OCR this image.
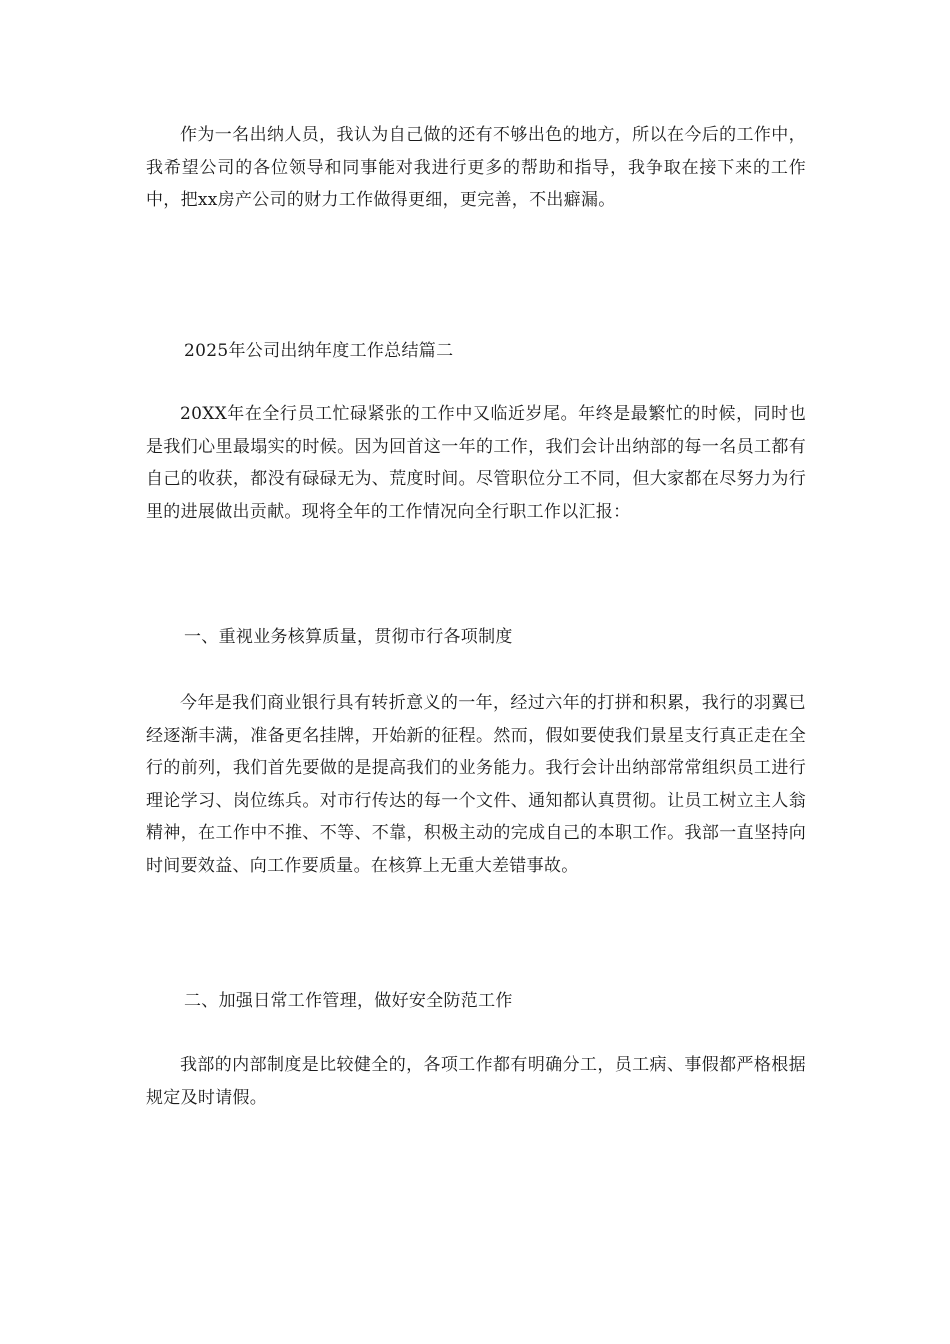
作为一名出纳人员，我认为自己做的还有不够出色的地方，所以在今后的工作中，我希望公司的各位领导和同事能对我进行更多的帮助和指导，我争取在接下来的工作中，把xx房产公司的财力工作做得更细，更完善，不出癖漏。

2025年公司出纳年度工作总结篇二

20XX年在全行员工忙碌紧张的工作中又临近岁尾。年终是最繁忙的时候，同时也是我们心里最塌实的时候。因为回首这一年的工作，我们会计出纳部的每一名员工都有自己的收获，都没有碌碌无为、荒度时间。尽管职位分工不同，但大家都在尽努力为行里的进展做出贡献。现将全年的工作情况向全行职工作以汇报：

一、重视业务核算质量，贯彻市行各项制度

今年是我们商业银行具有转折意义的一年，经过六年的打拼和积累，我行的羽翼已经逐渐丰满，准备更名挂牌，开始新的征程。然而，假如要使我们景星支行真正走在全行的前列，我们首先要做的是提高我们的业务能力。我行会计出纳部常常组织员工进行理论学习、岗位练兵。对市行传达的每一个文件、通知都认真贯彻。让员工树立主人翁精神，在工作中不推、不等、不靠，积极主动的完成自己的本职工作。我部一直坚持向时间要效益、向工作要质量。在核算上无重大差错事故。

二、加强日常工作管理，做好安全防范工作

我部的内部制度是比较健全的，各项工作都有明确分工，员工病、事假都严格根据规定及时请假。
